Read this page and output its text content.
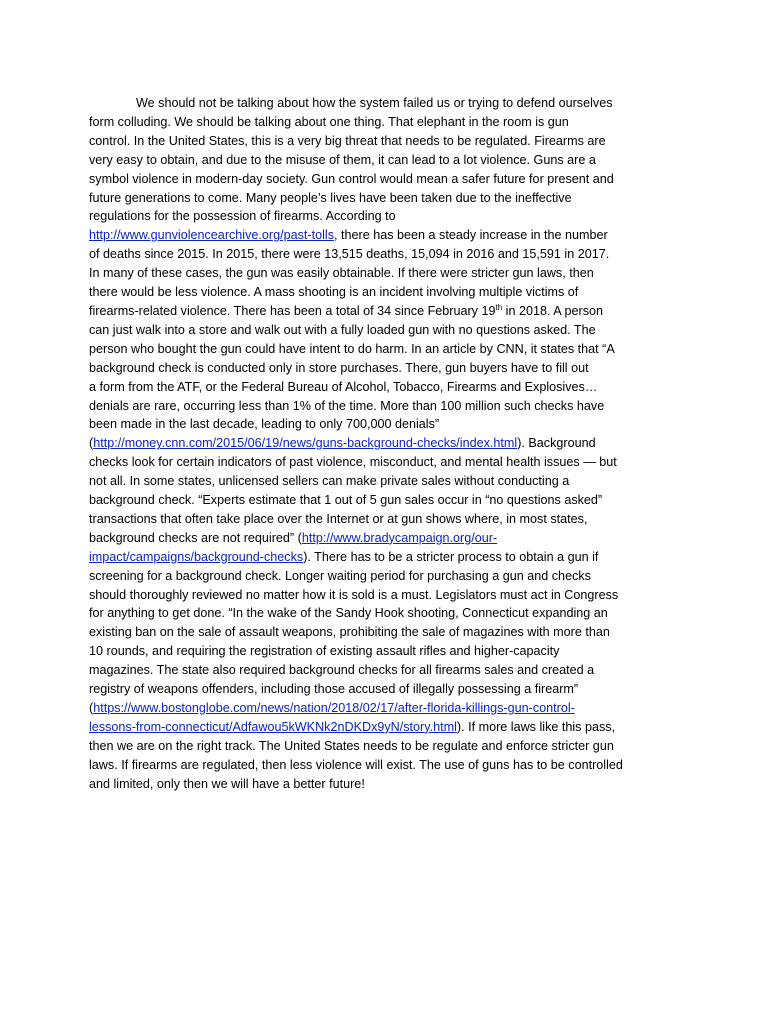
We should not be talking about how the system failed us or trying to defend ourselves
form colluding. We should be talking about one thing. That elephant in the room is gun
control. In the United States, this is a very big threat that needs to be regulated. Firearms are
very easy to obtain, and due to the misuse of them, it can lead to a lot violence. Guns are a
symbol violence in modern-day society. Gun control would mean a safer future for present and
future generations to come. Many people’s lives have been taken due to the ineffective
regulations for the possession of firearms. According to
http://www.gunviolencearchive.org/past-tolls, there has been a steady increase in the number
of deaths since 2015. In 2015, there were 13,515 deaths, 15,094 in 2016 and 15,591 in 2017.
In many of these cases, the gun was easily obtainable. If there were stricter gun laws, then
there would be less violence. A mass shooting is an incident involving multiple victims of
firearms-related violence. There has been a total of 34 since February 19th in 2018. A person
can just walk into a store and walk out with a fully loaded gun with no questions asked. The
person who bought the gun could have intent to do harm. In an article by CNN, it states that “A
background check is conducted only in store purchases. There, gun buyers have to fill out
a form from the ATF, or the Federal Bureau of Alcohol, Tobacco, Firearms and Explosives…
denials are rare, occurring less than 1% of the time. More than 100 million such checks have
been made in the last decade, leading to only 700,000 denials”
(http://money.cnn.com/2015/06/19/news/guns-background-checks/index.html). Background
checks look for certain indicators of past violence, misconduct, and mental health issues — but
not all. In some states, unlicensed sellers can make private sales without conducting a
background check. “Experts estimate that 1 out of 5 gun sales occur in “no questions asked”
transactions that often take place over the Internet or at gun shows where, in most states,
background checks are not required” (http://www.bradycampaign.org/our-
impact/campaigns/background-checks). There has to be a stricter process to obtain a gun if
screening for a background check. Longer waiting period for purchasing a gun and checks
should thoroughly reviewed no matter how it is sold is a must. Legislators must act in Congress
for anything to get done. “In the wake of the Sandy Hook shooting, Connecticut expanding an
existing ban on the sale of assault weapons, prohibiting the sale of magazines with more than
10 rounds, and requiring the registration of existing assault rifles and higher-capacity
magazines. The state also required background checks for all firearms sales and created a
registry of weapons offenders, including those accused of illegally possessing a firearm”
(https://www.bostonglobe.com/news/nation/2018/02/17/after-florida-killings-gun-control-
lessons-from-connecticut/Adfawou5kWKNk2nDKDx9yN/story.html). If more laws like this pass,
then we are on the right track. The United States needs to be regulate and enforce stricter gun
laws. If firearms are regulated, then less violence will exist. The use of guns has to be controlled
and limited, only then we will have a better future!
